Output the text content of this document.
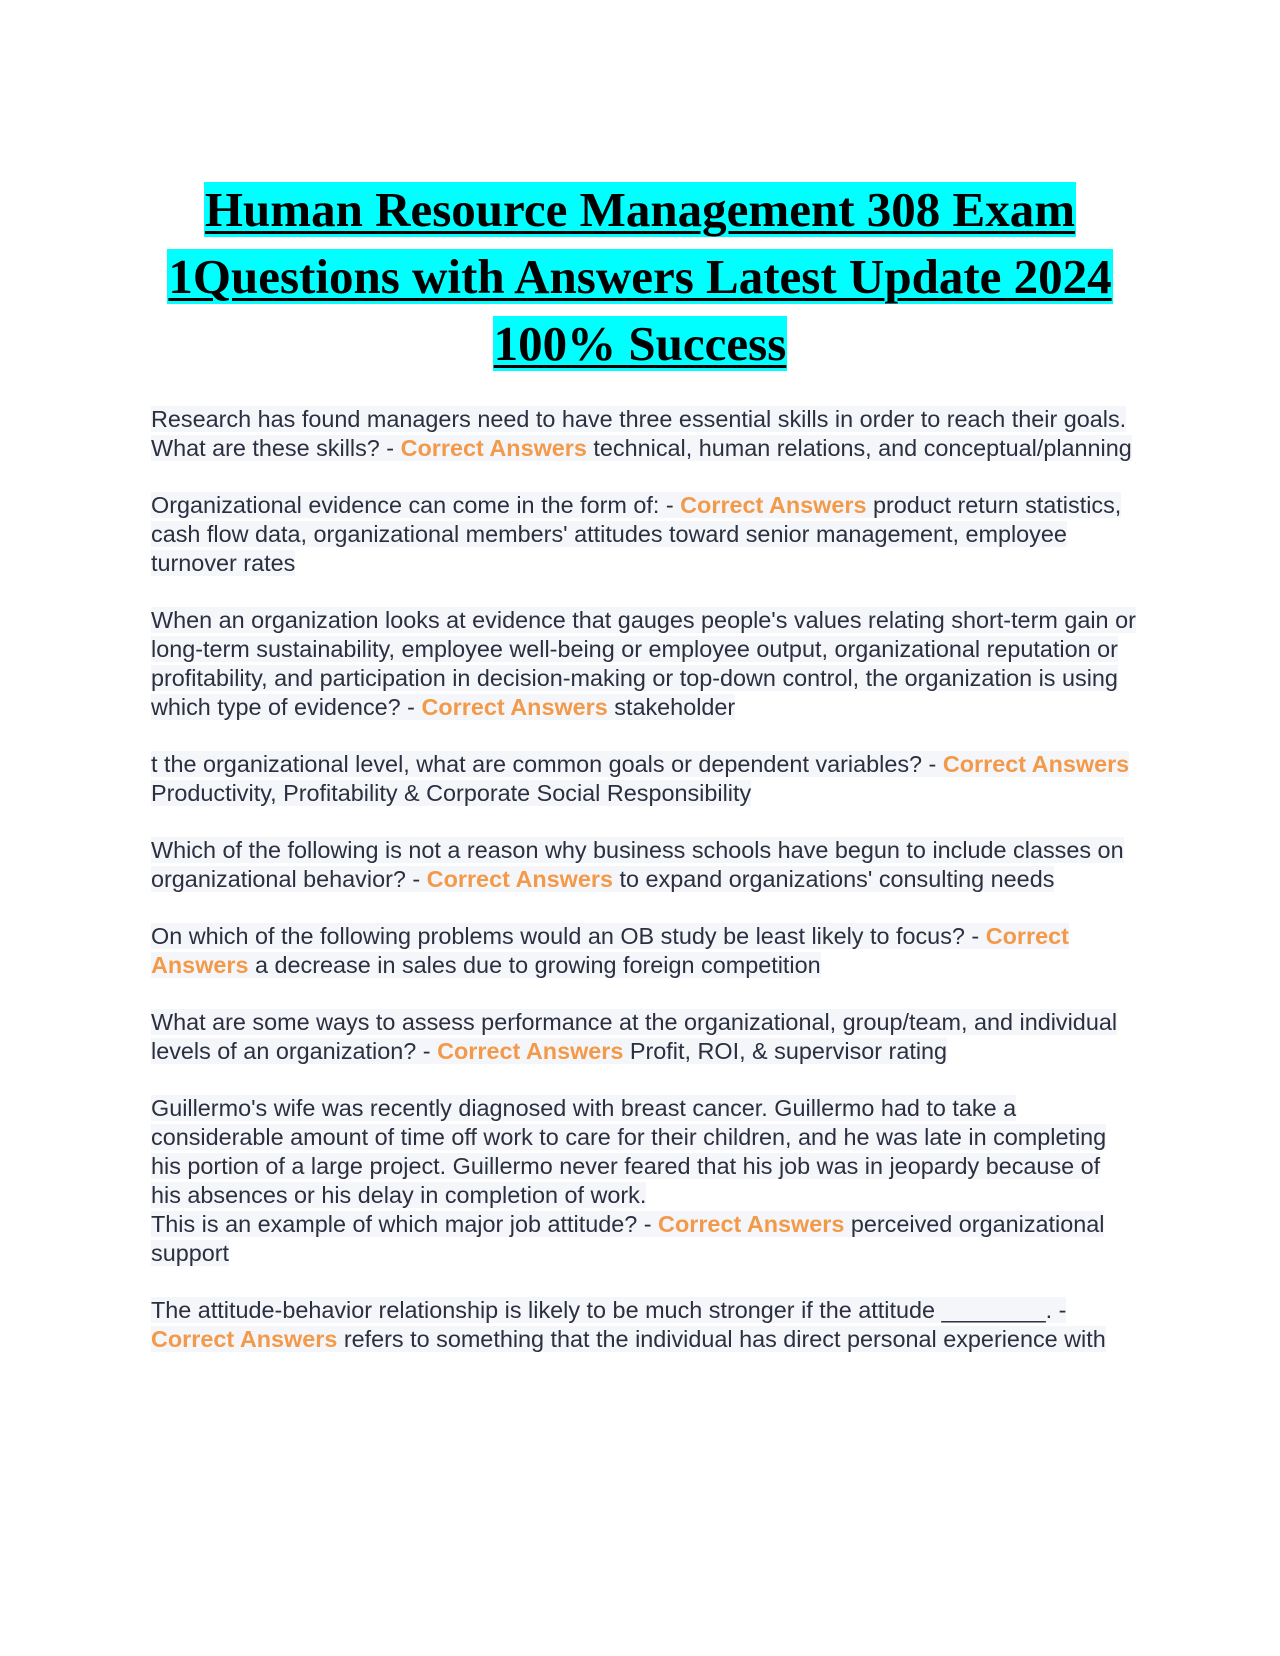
Human Resource Management 308 Exam
1Questions with Answers Latest Update 2024
100% Success

Research has found managers need to have three essential skills in order to reach their goals. What are these skills? - Correct Answers technical, human relations, and conceptual/planning

Organizational evidence can come in the form of: - Correct Answers product return statistics, cash flow data, organizational members' attitudes toward senior management, employee turnover rates

When an organization looks at evidence that gauges people's values relating short-term gain or long-term sustainability, employee well-being or employee output, organizational reputation or profitability, and participation in decision-making or top-down control, the organization is using which type of evidence? - Correct Answers stakeholder

t the organizational level, what are common goals or dependent variables? - Correct Answers Productivity, Profitability & Corporate Social Responsibility

Which of the following is not a reason why business schools have begun to include classes on organizational behavior? - Correct Answers to expand organizations' consulting needs

On which of the following problems would an OB study be least likely to focus? - Correct Answers a decrease in sales due to growing foreign competition

What are some ways to assess performance at the organizational, group/team, and individual levels of an organization? - Correct Answers Profit, ROI, & supervisor rating

Guillermo's wife was recently diagnosed with breast cancer. Guillermo had to take a considerable amount of time off work to care for their children, and he was late in completing his portion of a large project. Guillermo never feared that his job was in jeopardy because of his absences or his delay in completion of work.
This is an example of which major job attitude? - Correct Answers perceived organizational support

The attitude-behavior relationship is likely to be much stronger if the attitude ________. - Correct Answers refers to something that the individual has direct personal experience with
